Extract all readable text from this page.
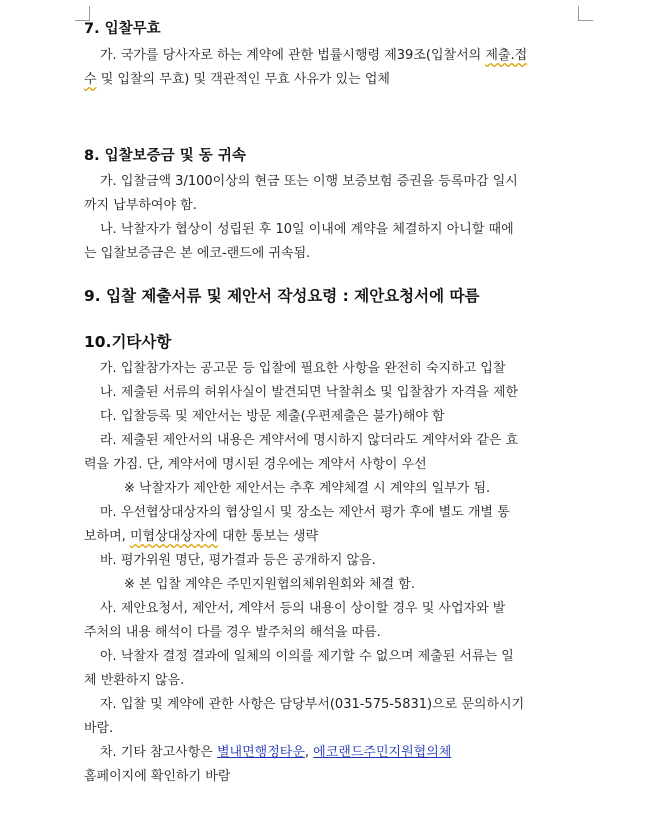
7. 입찰무효

가. 국가를 당사자로 하는 계약에 관한 법률시행령 제39조(입찰서의 제출.접

수 및 입찰의 무효) 및 객관적인 무효 사유가 있는 업체

8. 입찰보증금 및 동 귀속

가. 입찰금액 3/100이상의 현금 또는 이행 보증보험 증권을 등록마감 일시

까지 납부하여야 함.

나. 낙찰자가 협상이 성립된 후 10일 이내에 계약을 체결하지 아니할 때에

는 입찰보증금은 본 에코-랜드에 귀속됨.

9. 입찰 제출서류 및 제안서 작성요령 : 제안요청서에 따름

10.기타사항

가. 입찰참가자는 공고문 등 입찰에 필요한 사항을 완전히 숙지하고 입찰

나. 제출된 서류의 허위사실이 발견되면 낙찰취소 및 입찰참가 자격을 제한

다. 입찰등록 및 제안서는 방문 제출(우편제출은 불가)해야 함

라. 제출된 제안서의 내용은 계약서에 명시하지 않더라도 계약서와 같은 효

력을 가짐. 단, 계약서에 명시된 경우에는 계약서 사항이 우선

※ 낙찰자가 제안한 제안서는 추후 계약체결 시 계약의 일부가 됨.

마. 우선협상대상자의 협상일시 및 장소는 제안서 평가 후에 별도 개별 통

보하며, 미협상대상자에 대한 통보는 생략

바. 평가위원 명단, 평가결과 등은 공개하지 않음.

※ 본 입찰 계약은 주민지원협의체위원회와 체결 함.

사. 제안요청서, 제안서, 계약서 등의 내용이 상이할 경우 및 사업자와 발

주처의 내용 해석이 다를 경우 발주처의 해석을 따름.

아. 낙찰자 결정 결과에 일체의 이의를 제기할 수 없으며 제출된 서류는 일

체 반환하지 않음.

자. 입찰 및 계약에 관한 사항은 담당부서(031-575-5831)으로 문의하시기

바람.

차. 기타 참고사항은 별내면행정타운, 에코랜드주민지원협의체

홈페이지에 확인하기 바람
